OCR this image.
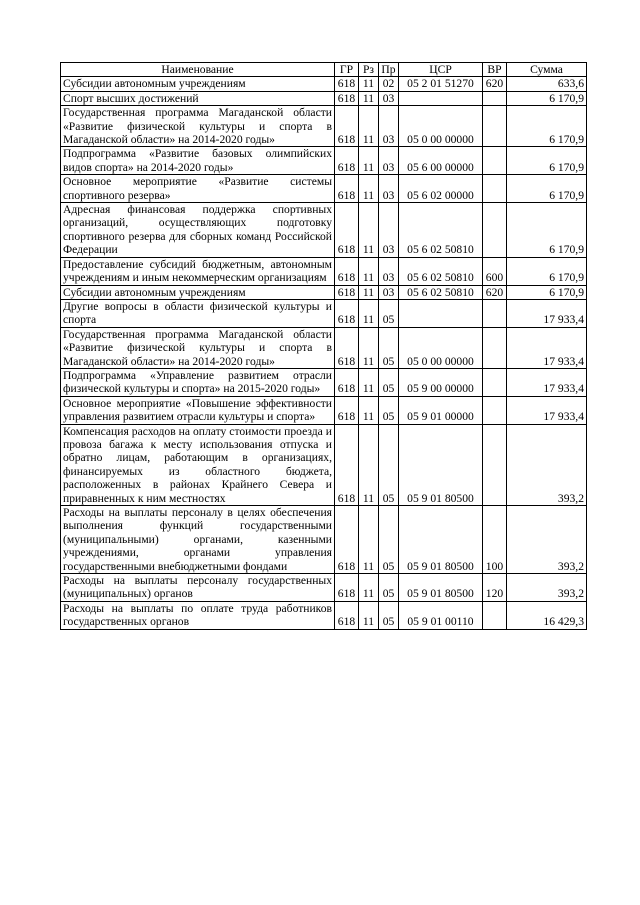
Наименование	ГР	Рз	Пр	ЦСР	ВР	Сумма
Субсидии автономным учреждениям	618	11	02	05 2 01 51270	620	633,6
Спорт высших достижений	618	11	03			6 170,9
Государственная программа Магаданской области «Развитие физической культуры и спорта в Магаданской области» на 2014-2020 годы»	618	11	03	05 0 00 00000		6 170,9
Подпрограмма «Развитие базовых олимпийских видов спорта» на 2014-2020 годы»	618	11	03	05 6 00 00000		6 170,9
Основное мероприятие «Развитие системы спортивного резерва»	618	11	03	05 6 02 00000		6 170,9
Адресная финансовая поддержка спортивных организаций, осуществляющих подготовку спортивного резерва для сборных команд Российской Федерации	618	11	03	05 6 02 50810		6 170,9
Предоставление субсидий бюджетным, автономным учреждениям и иным некоммерческим организациям	618	11	03	05 6 02 50810	600	6 170,9
Субсидии автономным учреждениям	618	11	03	05 6 02 50810	620	6 170,9
Другие вопросы в области физической культуры и спорта	618	11	05			17 933,4
Государственная программа Магаданской области «Развитие физической культуры и спорта в Магаданской области» на 2014-2020 годы»	618	11	05	05 0 00 00000		17 933,4
Подпрограмма «Управление развитием отрасли физической культуры и спорта» на 2015-2020 годы»	618	11	05	05 9 00 00000		17 933,4
Основное мероприятие «Повышение эффективности управления развитием отрасли культуры и спорта»	618	11	05	05 9 01 00000		17 933,4
Компенсация расходов на оплату стоимости проезда и провоза багажа к месту использования отпуска и обратно лицам, работающим в организациях, финансируемых из областного бюджета, расположенных в районах Крайнего Севера и приравненных к ним местностях	618	11	05	05 9 01 80500		393,2
Расходы на выплаты персоналу в целях обеспечения выполнения функций государственными (муниципальными) органами, казенными учреждениями, органами управления государственными внебюджетными фондами	618	11	05	05 9 01 80500	100	393,2
Расходы на выплаты персоналу государственных (муниципальных) органов	618	11	05	05 9 01 80500	120	393,2
Расходы на выплаты по оплате труда работников государственных органов	618	11	05	05 9 01 00110		16 429,3
